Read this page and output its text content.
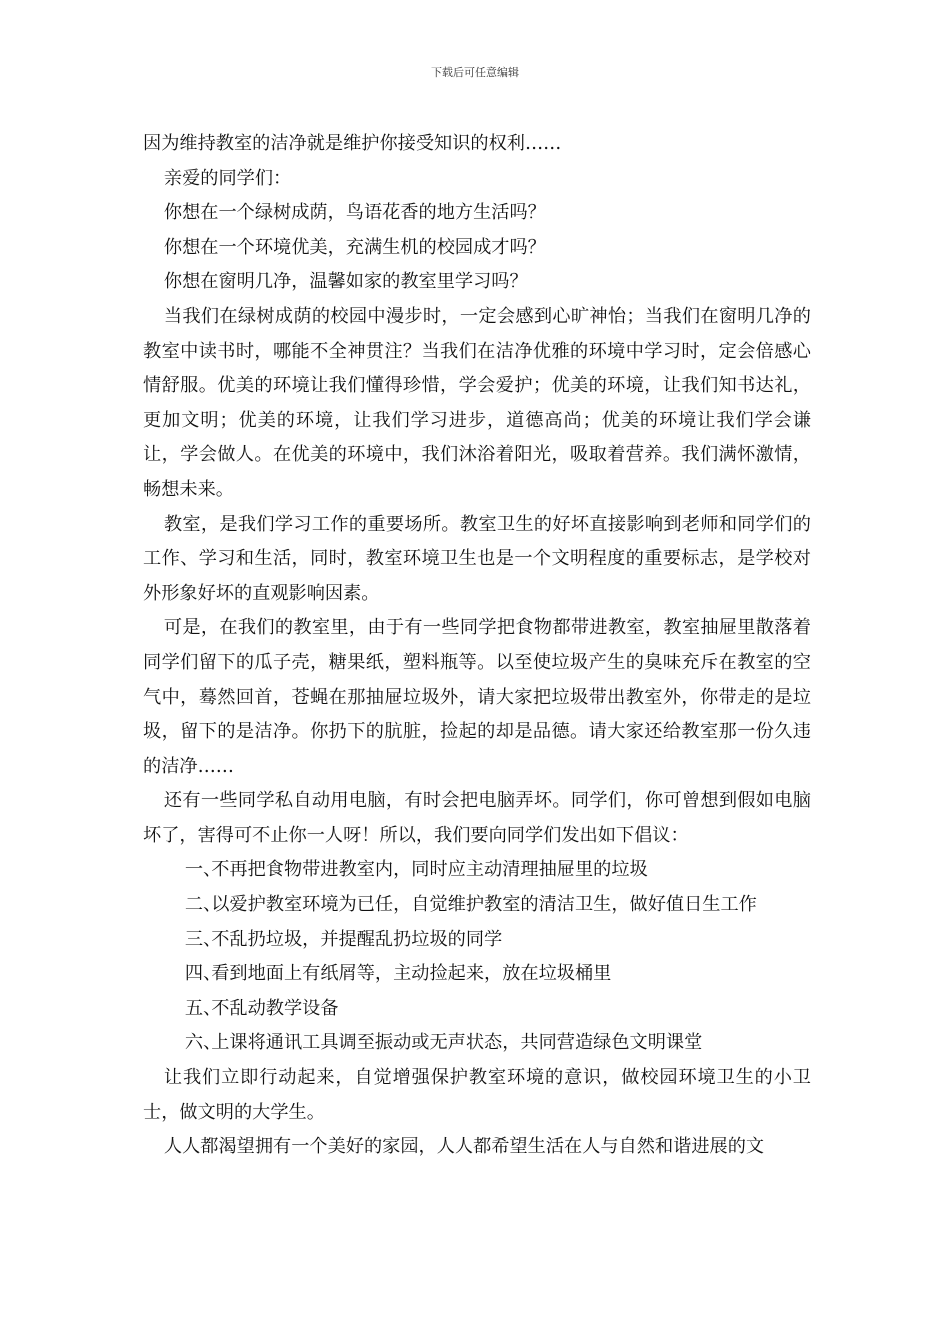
下载后可任意编辑

因为维持教室的洁净就是维护你接受知识的权利……

亲爱的同学们：

你想在一个绿树成荫，鸟语花香的地方生活吗？

你想在一个环境优美，充满生机的校园成才吗？

你想在窗明几净，温馨如家的教室里学习吗？

当我们在绿树成荫的校园中漫步时，一定会感到心旷神怡；当我们在窗明几净的教室中读书时，哪能不全神贯注？当我们在洁净优雅的环境中学习时，定会倍感心情舒服。优美的环境让我们懂得珍惜，学会爱护；优美的环境，让我们知书达礼，更加文明；优美的环境，让我们学习进步，道德高尚；优美的环境让我们学会谦让，学会做人。在优美的环境中，我们沐浴着阳光，吸取着营养。我们满怀激情，畅想未来。

教室，是我们学习工作的重要场所。教室卫生的好坏直接影响到老师和同学们的工作、学习和生活，同时，教室环境卫生也是一个文明程度的重要标志，是学校对外形象好坏的直观影响因素。

可是，在我们的教室里，由于有一些同学把食物都带进教室，教室抽屉里散落着同学们留下的瓜子壳，糖果纸，塑料瓶等。以至使垃圾产生的臭味充斥在教室的空气中，蓦然回首，苍蝇在那抽屉垃圾外，请大家把垃圾带出教室外，你带走的是垃圾，留下的是洁净。你扔下的肮脏，捡起的却是品德。请大家还给教室那一份久违的洁净……

还有一些同学私自动用电脑，有时会把电脑弄坏。同学们，你可曾想到假如电脑坏了，害得可不止你一人呀！所以，我们要向同学们发出如下倡议：

一、不再把食物带进教室内，同时应主动清理抽屉里的垃圾

二、以爱护教室环境为已任，自觉维护教室的清洁卫生，做好值日生工作

三、不乱扔垃圾，并提醒乱扔垃圾的同学

四、看到地面上有纸屑等，主动捡起来，放在垃圾桶里

五、不乱动教学设备

六、上课将通讯工具调至振动或无声状态，共同营造绿色文明课堂

让我们立即行动起来，自觉增强保护教室环境的意识，做校园环境卫生的小卫士，做文明的大学生。

人人都渴望拥有一个美好的家园，人人都希望生活在人与自然和谐进展的文
